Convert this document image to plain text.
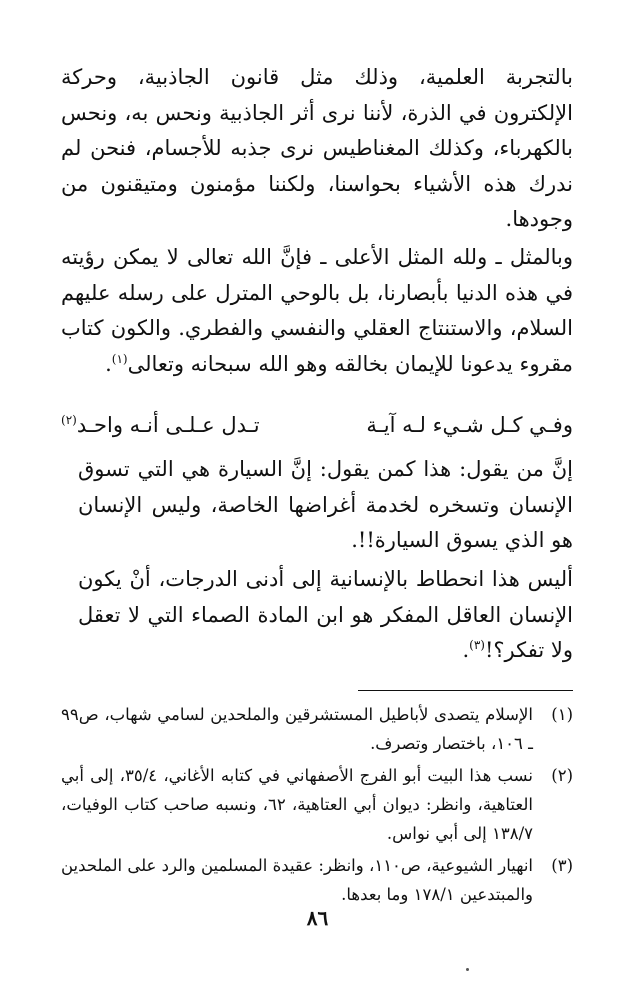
بالتجربة العلمية، وذلك مثل قانون الجاذبية، وحركة الإلكترون في الذرة، لأننا نرى أثر الجاذبية ونحس به، ونحس بالكهرباء، وكذلك المغناطيس نرى جذبه للأجسام، فنحن لم ندرك هذه الأشياء بحواسنا، ولكننا مؤمنون ومتيقنون من وجودها.

وبالمثل ـ ولله المثل الأعلى ـ فإنَّ الله تعالى لا يمكن رؤيته في هذه الدنيا بأبصارنا، بل بالوحي المترل على رسله عليهم السلام، والاستنتاج العقلي والنفسي والفطري. والكون كتاب مقروء يدعونا للإيمان بخالقه وهو الله سبحانه وتعالى$^{(١)}$.

وفـي كـل شـيء لـه آيـة
تـدل عـلـى أنـه واحـد$^{(٢)}$

إنَّ من يقول: هذا كمن يقول: إنَّ السيارة هي التي تسوق الإنسان وتسخره لخدمة أغراضها الخاصة، وليس الإنسان هو الذي يسوق السيارة!!.

أليس هذا انحطاط بالإنسانية إلى أدنى الدرجات، أنْ يكون الإنسان العاقل المفكر هو ابن المادة الصماء التي لا تعقل ولا تفكر؟!$^{(٣)}$.

(١)
الإسلام يتصدى لأباطيل المستشرقين والملحدين لسامي شهاب، ص٩٩ ـ ١٠٦، باختصار وتصرف.
(٢)
نسب هذا البيت أبو الفرج الأصفهاني في كتابه الأغاني، ٣٥/٤، إلى أبي العتاهية، وانظر: ديوان أبي العتاهية، ٦٢، ونسبه صاحب كتاب الوفيات، ١٣٨/٧ إلى أبي نواس.
(٣)
انهيار الشيوعية، ص١١٠، وانظر: عقيدة المسلمين والرد على الملحدين والمبتدعين ١٧٨/١ وما بعدها.
٨٦
